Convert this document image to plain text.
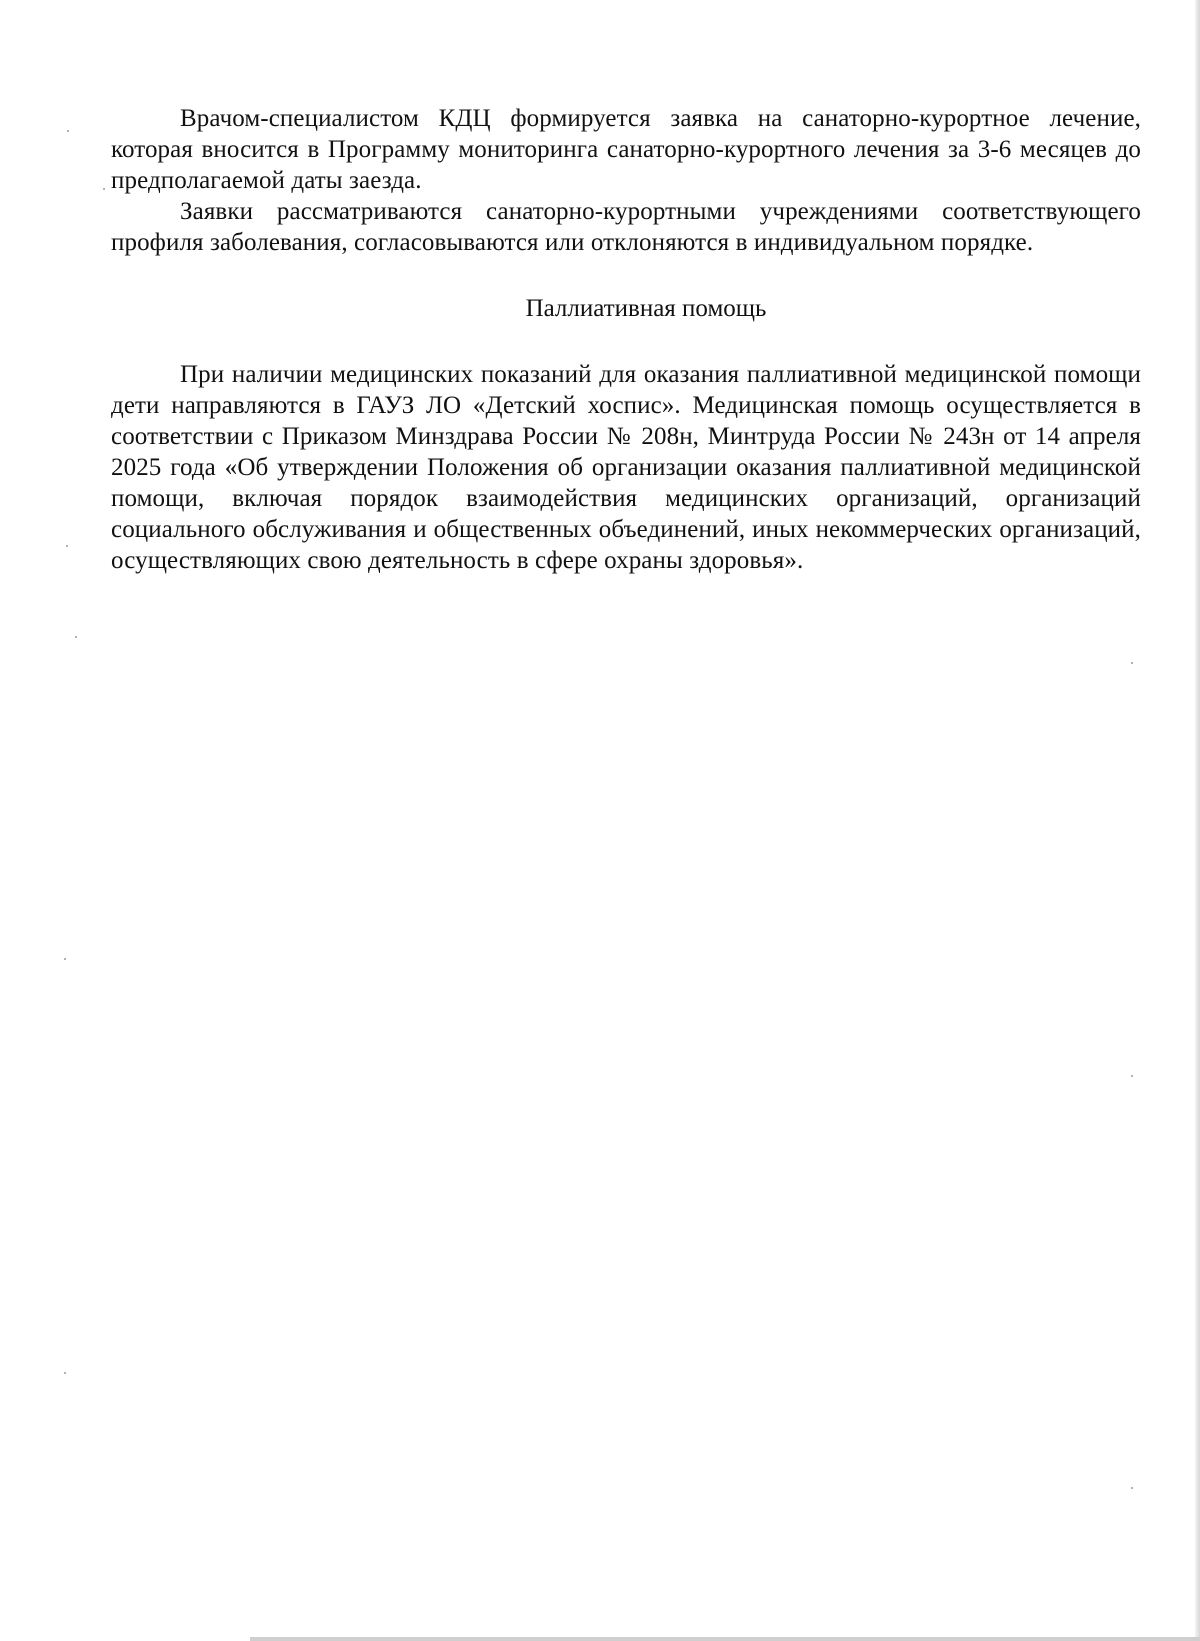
Врачом-специалистом КДЦ формируется заявка на санаторно-курортное лечение, которая вносится в Программу мониторинга санаторно-курортного лечения за 3-6 месяцев до предполагаемой даты заезда.

Заявки рассматриваются санаторно-курортными учреждениями соответствующего профиля заболевания, согласовываются или отклоняются в индивидуальном порядке.

Паллиативная помощь

При наличии медицинских показаний для оказания паллиативной медицинской помощи дети направляются в ГАУЗ ЛО «Детский хоспис». Медицинская помощь осуществляется в соответствии с Приказом Минздрава России № 208н, Минтруда России № 243н от 14 апреля 2025 года «Об утверждении Положения об организации оказания паллиативной медицинской помощи, включая порядок взаимодействия медицинских организаций, организаций социального обслуживания и общественных объединений, иных некоммерческих организаций, осуществляющих свою деятельность в сфере охраны здоровья».
